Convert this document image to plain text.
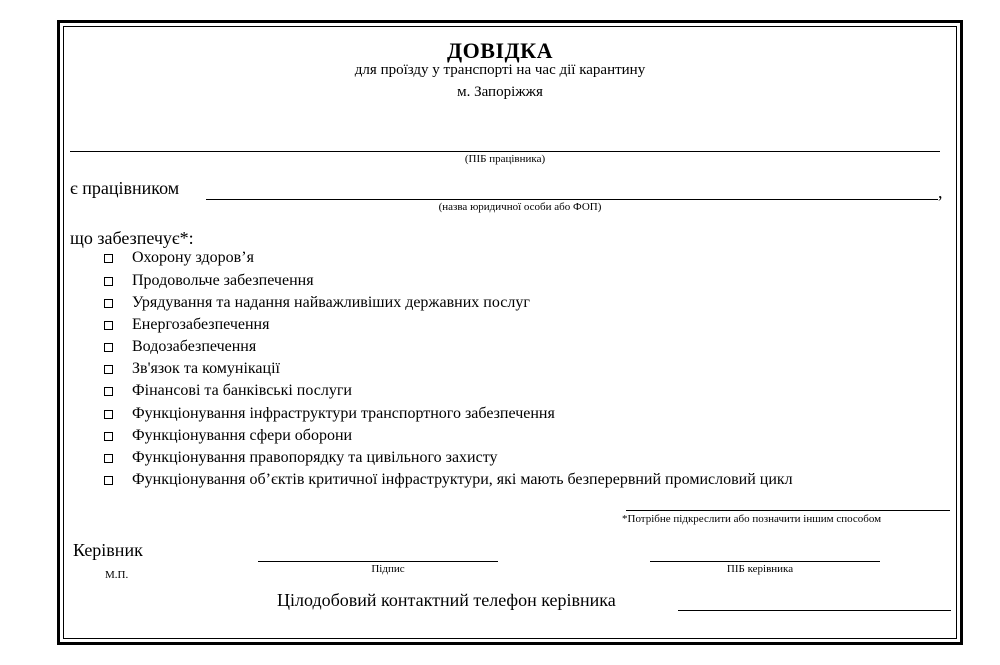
ДОВІДКА
для проїзду у транспорті на час дії карантину
м. Запоріжжя
(ПІБ працівника)
є працівником	,
(назва юридичної особи або ФОП)
що забезпечує*:
Охорону здоров’я
Продовольче забезпечення
Урядування та надання найважливіших державних послуг
Енергозабезпечення
Водозабезпечення
Зв'язок та комунікації
Фінансові та банківські послуги
Функціонування інфраструктури транспортного забезпечення
Функціонування сфери оборони
Функціонування правопорядку та цивільного захисту
Функціонування об’єктів критичної інфраструктури, які мають безперервний промисловий цикл
*Потрібне підкреслити або позначити іншим способом
Керівник
М.П.	Підпис	ПІБ керівника
Цілодобовий контактний телефон керівника
